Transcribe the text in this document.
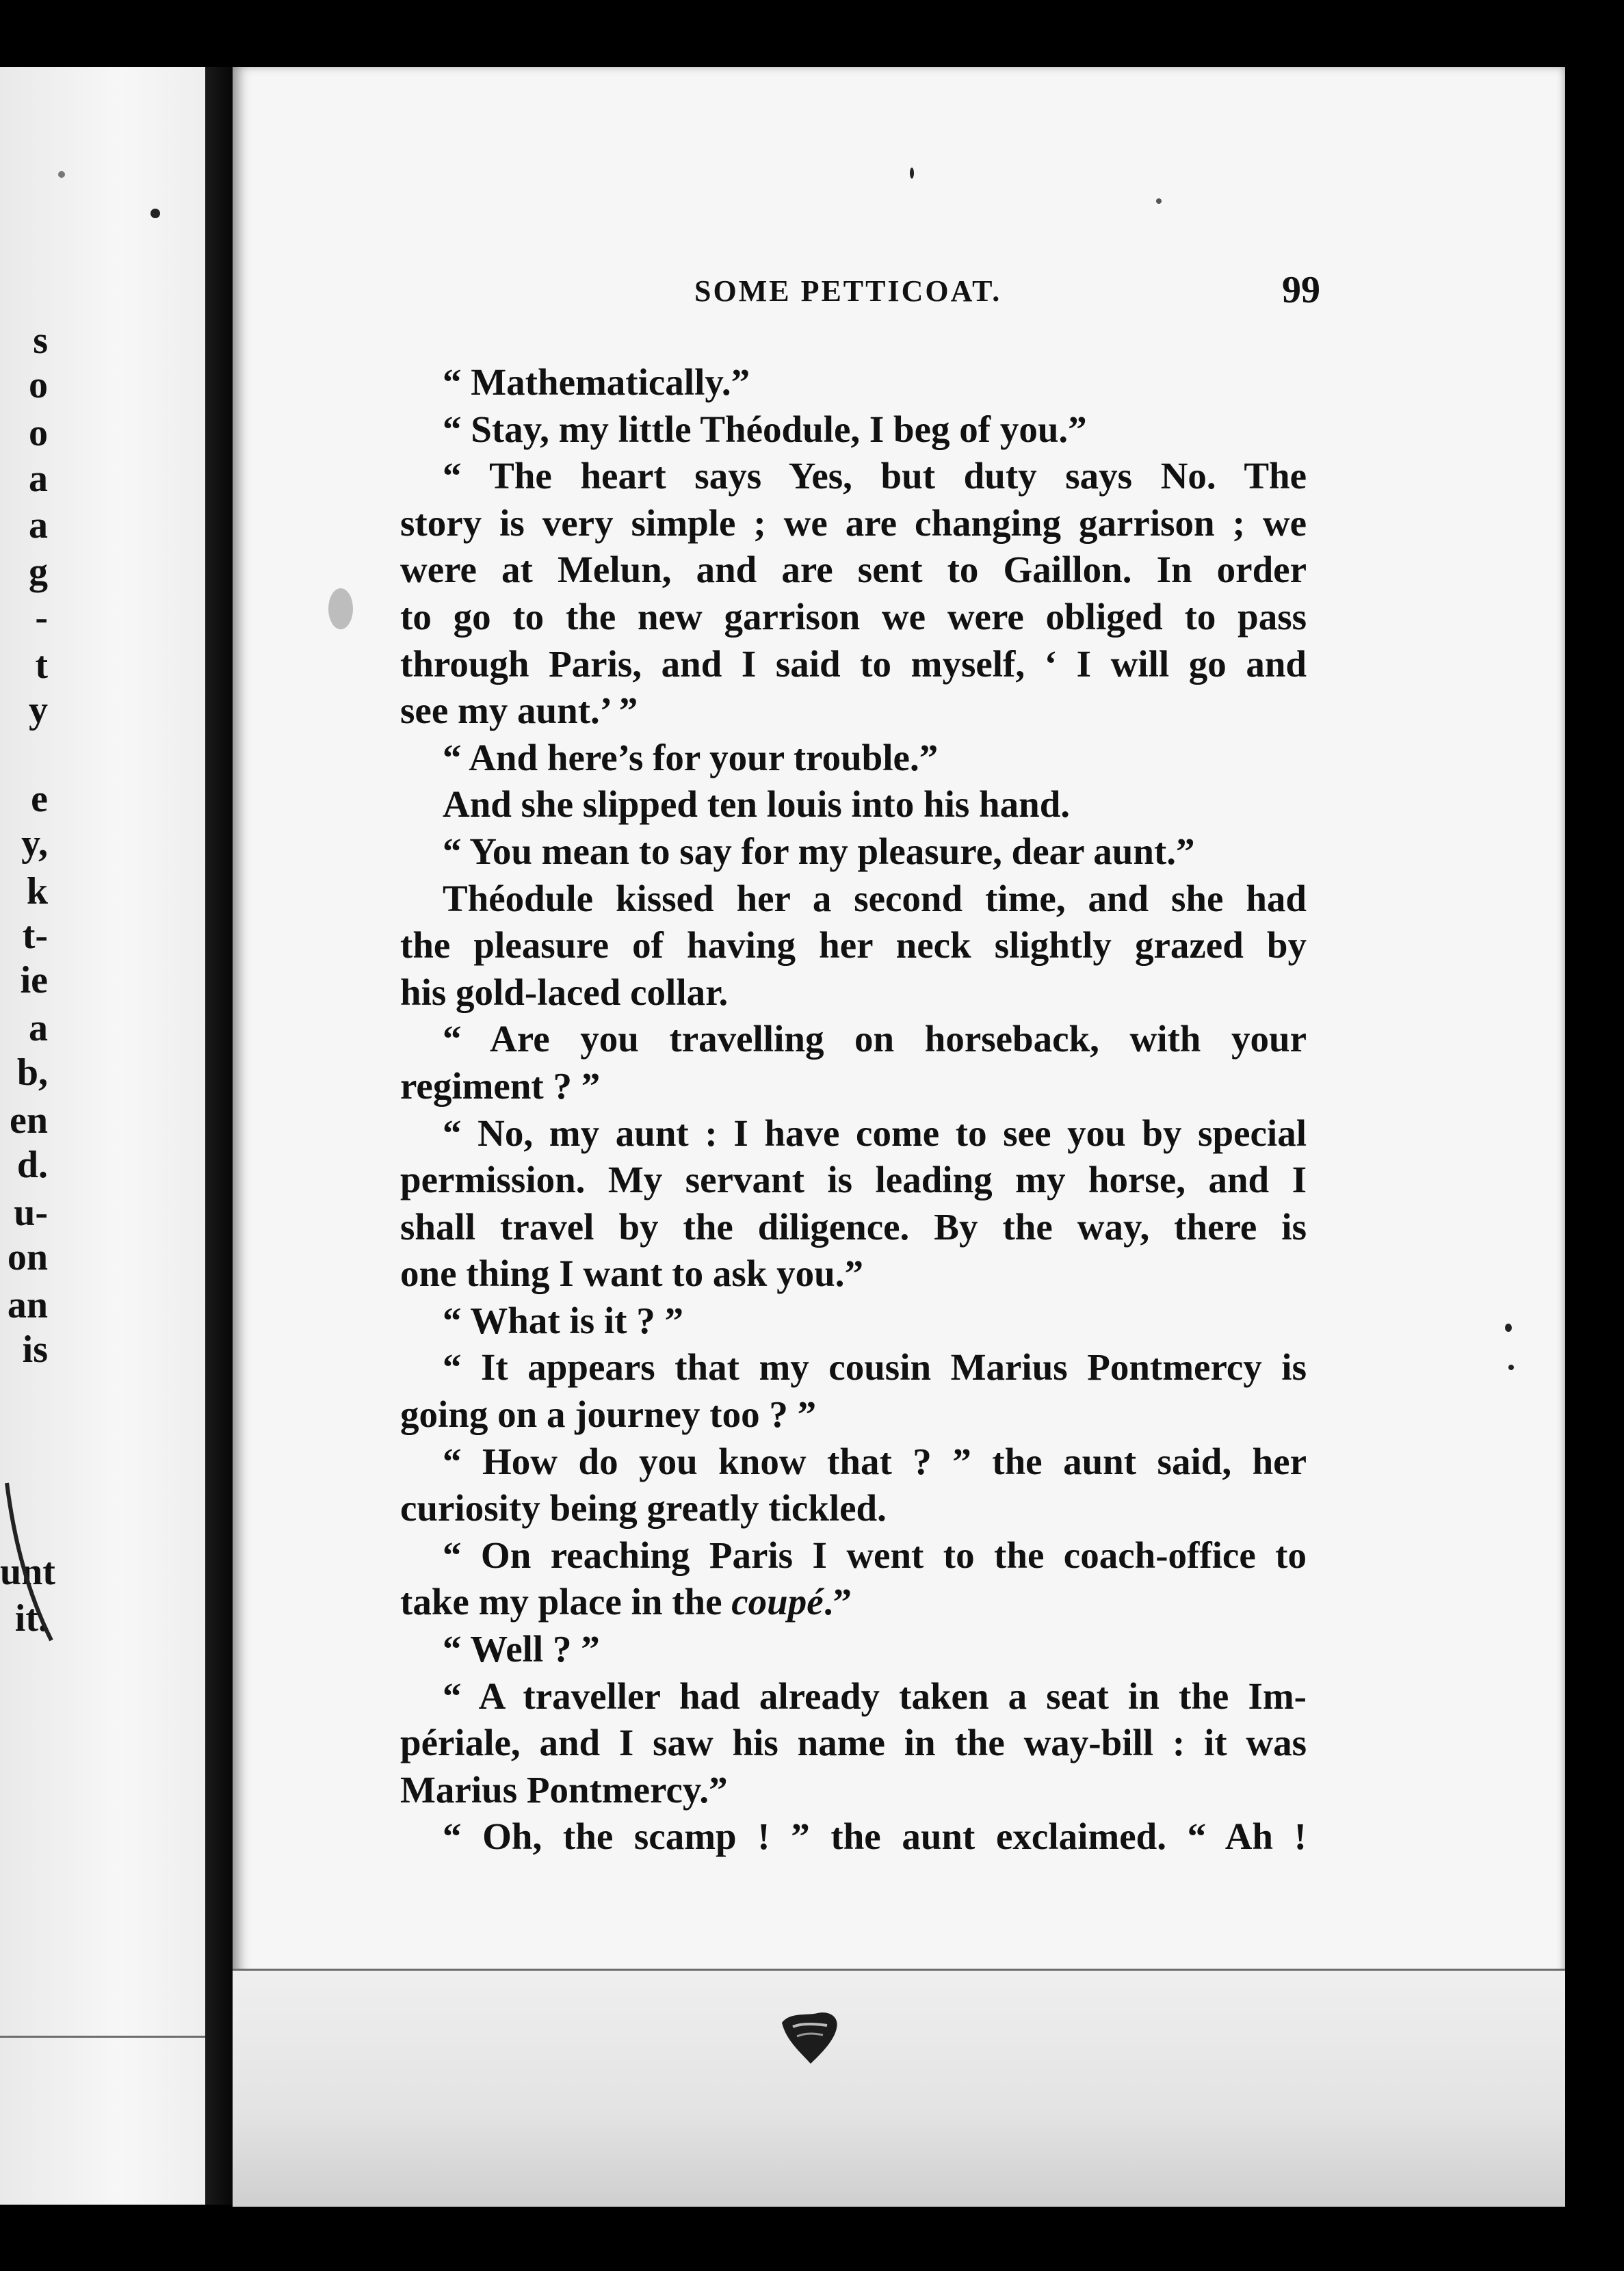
s
o
o
a
a
g
-
t
y
e
y,
k
t-
ie
a
b,
en
d.
u-
on
an
is
unt
it.
SOME PETTICOAT.	99
“ Mathematically.”
“ Stay, my little Théodule, I beg of you.”
“ The heart says Yes, but duty says No. The
story is very simple ; we are changing garrison ; we
were at Melun, and are sent to Gaillon. In order
to go to the new garrison we were obliged to pass
through Paris, and I said to myself, ‘ I will go and
see my aunt.’ ”
“ And here’s for your trouble.”
And she slipped ten louis into his hand.
“ You mean to say for my pleasure, dear aunt.”
Théodule kissed her a second time, and she had
the pleasure of having her neck slightly grazed by
his gold-laced collar.
“ Are you travelling on horseback, with your
regiment ? ”
“ No, my aunt : I have come to see you by special
permission. My servant is leading my horse, and I
shall travel by the diligence. By the way, there is
one thing I want to ask you.”
“ What is it ? ”
“ It appears that my cousin Marius Pontmercy is
going on a journey too ? ”
“ How do you know that ? ” the aunt said, her
curiosity being greatly tickled.
“ On reaching Paris I went to the coach-office to
take my place in the coupé.”
“ Well ? ”
“ A traveller had already taken a seat in the Im-
périale, and I saw his name in the way-bill : it was
Marius Pontmercy.”
“ Oh, the scamp ! ” the aunt exclaimed. “ Ah !
